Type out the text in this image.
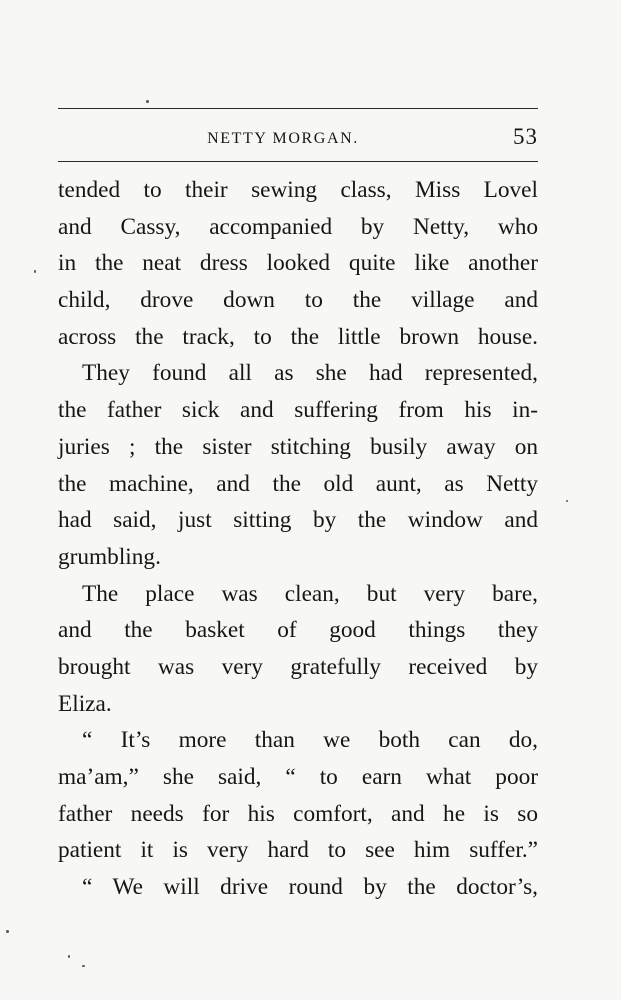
NETTY MORGAN.	53
tended to their sewing class, Miss Lovel
and Cassy, accompanied by Netty, who
in the neat dress looked quite like another
child, drove down to the village and
across the track, to the little brown house.
They found all as she had represented,
the father sick and suffering from his in-
juries ; the sister stitching busily away on
the machine, and the old aunt, as Netty
had said, just sitting by the window and
grumbling.
The place was clean, but very bare,
and the basket of good things they
brought was very gratefully received by
Eliza.
“ It’s more than we both can do,
ma’am,” she said, “ to earn what poor
father needs for his comfort, and he is so
patient it is very hard to see him suffer.”
“ We will drive round by the doctor’s,
